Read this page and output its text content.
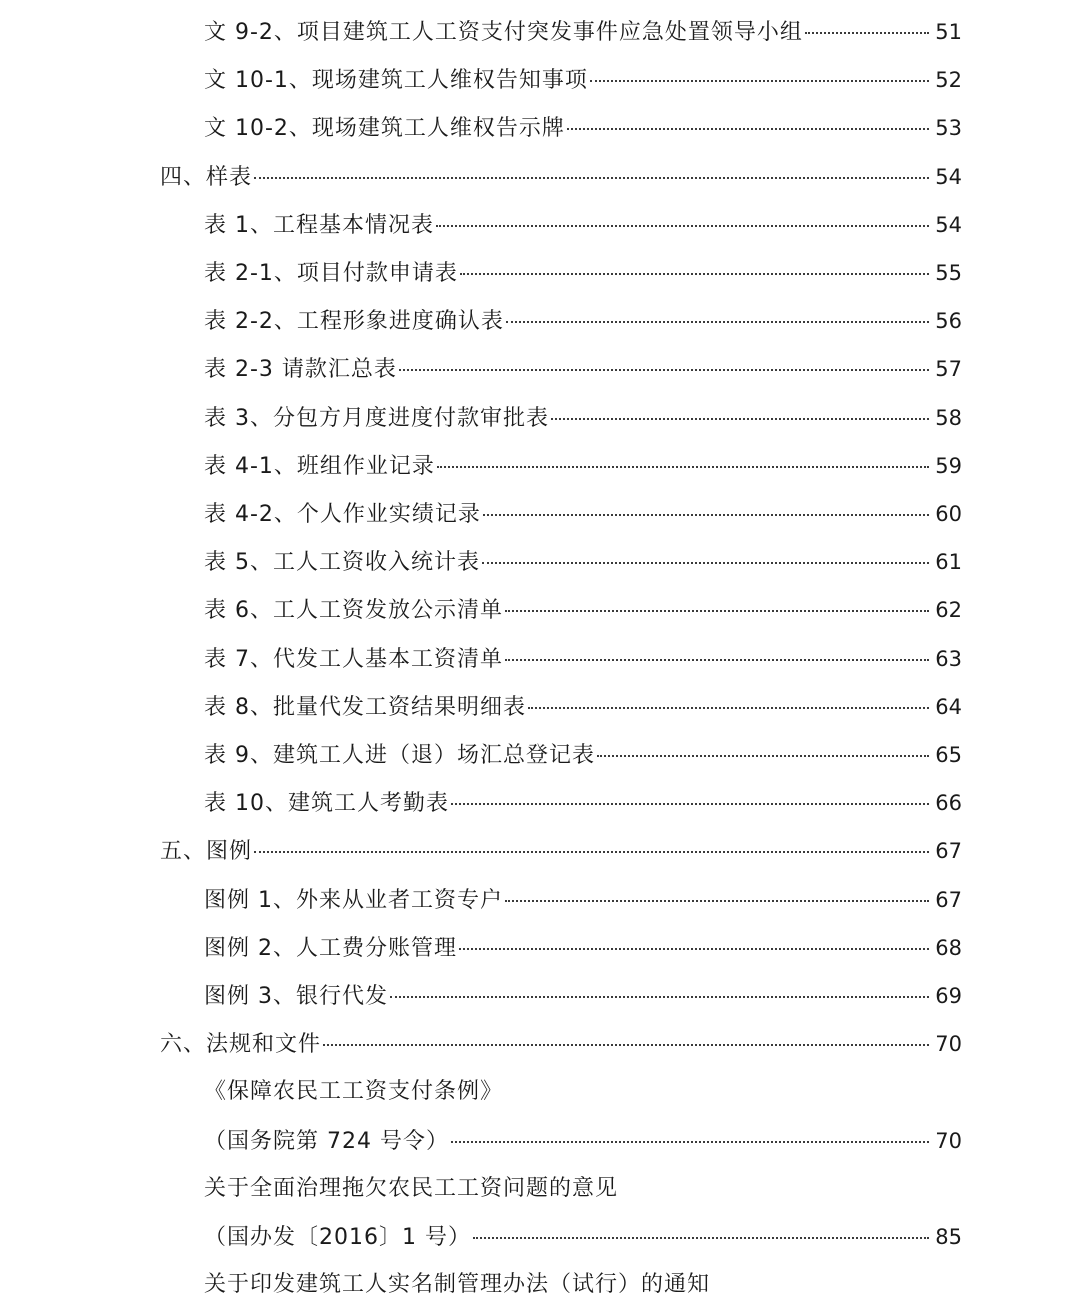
文 9-2、项目建筑工人工资支付突发事件应急处置领导小组	51
文 10-1、现场建筑工人维权告知事项	52
文 10-2、现场建筑工人维权告示牌	53
四、样表	54
表 1、工程基本情况表	54
表 2-1、项目付款申请表	55
表 2-2、工程形象进度确认表	56
表 2-3 请款汇总表	57
表 3、分包方月度进度付款审批表	58
表 4-1、班组作业记录	59
表 4-2、个人作业实绩记录	60
表 5、工人工资收入统计表	61
表 6、工人工资发放公示清单	62
表 7、代发工人基本工资清单	63
表 8、批量代发工资结果明细表	64
表 9、建筑工人进（退）场汇总登记表	65
表 10、建筑工人考勤表	66
五、图例	67
图例 1、外来从业者工资专户	67
图例 2、人工费分账管理	68
图例 3、银行代发	69
六、法规和文件	70
《保障农民工工资支付条例》
（国务院第 724 号令）	70
关于全面治理拖欠农民工工资问题的意见
（国办发〔2016〕1 号）	85
关于印发建筑工人实名制管理办法（试行）的通知
